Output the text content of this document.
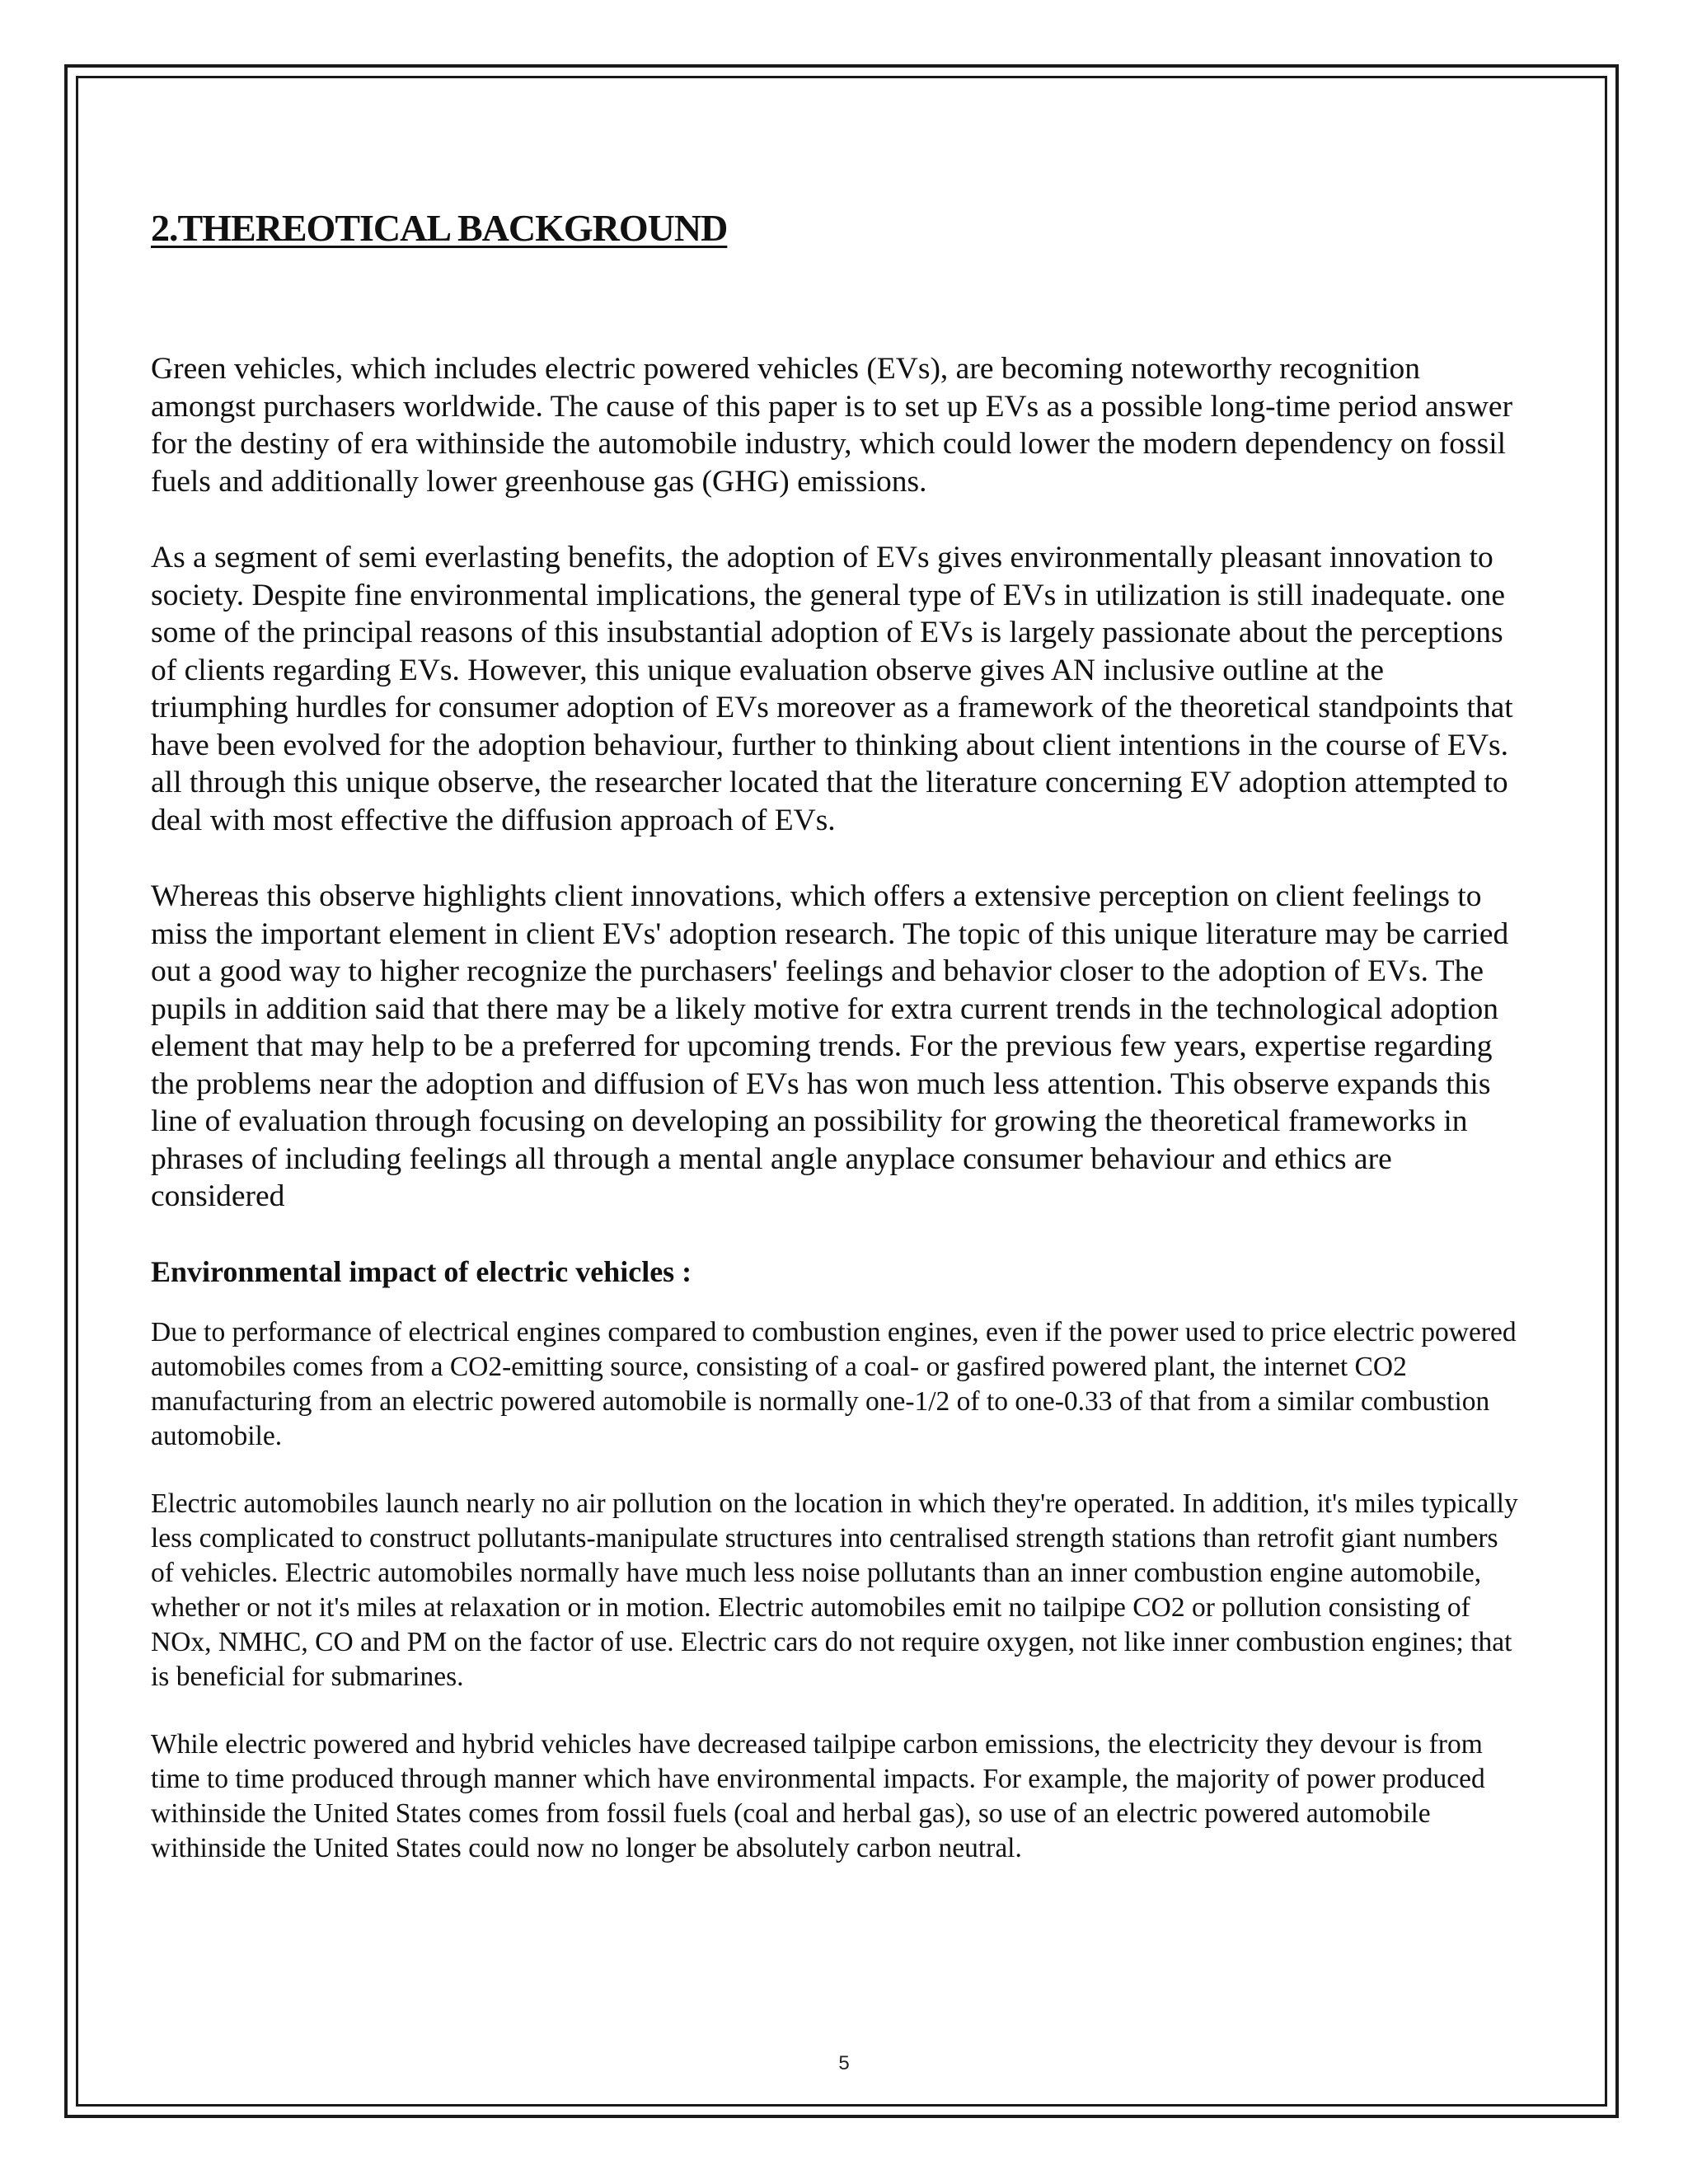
2.THEREOTICAL BACKGROUND

Green vehicles, which includes electric powered vehicles (EVs), are becoming noteworthy recognition amongst purchasers worldwide. The cause of this paper is to set up EVs as a possible long-time period answer for the destiny of era withinside the automobile industry, which could lower the modern dependency on fossil fuels and additionally lower greenhouse gas (GHG) emissions.

As a segment of semi everlasting benefits, the adoption of EVs gives environmentally pleasant innovation to society. Despite fine environmental implications, the general type of EVs in utilization is still inadequate. one some of the principal reasons of this insubstantial adoption of EVs is largely passionate about the perceptions of clients regarding EVs. However, this unique evaluation observe gives AN inclusive outline at the triumphing hurdles for consumer adoption of EVs moreover as a framework of the theoretical standpoints that have been evolved for the adoption behaviour, further to thinking about client intentions in the course of EVs. all through this unique observe, the researcher located that the literature concerning EV adoption attempted to deal with most effective the diffusion approach of EVs.

Whereas this observe highlights client innovations, which offers a extensive perception on client feelings to miss the important element in client EVs' adoption research. The topic of this unique literature may be carried out a good way to higher recognize the purchasers' feelings and behavior closer to the adoption of EVs. The pupils in addition said that there may be a likely motive for extra current trends in the technological adoption element that may help to be a preferred for upcoming trends. For the previous few years, expertise regarding the problems near the adoption and diffusion of EVs has won much less attention. This observe expands this line of evaluation through focusing on developing an possibility for growing the theoretical frameworks in phrases of including feelings all through a mental angle anyplace consumer behaviour and ethics are considered

Environmental impact of electric vehicles :

Due to performance of electrical engines compared to combustion engines, even if the power used to price electric powered automobiles comes from a CO2-emitting source, consisting of a coal- or gasfired powered plant, the internet CO2 manufacturing from an electric powered automobile is normally one-1/2 of to one-0.33 of that from a similar combustion automobile.

Electric automobiles launch nearly no air pollution on the location in which they're operated. In addition, it's miles typically less complicated to construct pollutants-manipulate structures into centralised strength stations than retrofit giant numbers of vehicles. Electric automobiles normally have much less noise pollutants than an inner combustion engine automobile, whether or not it's miles at relaxation or in motion. Electric automobiles emit no tailpipe CO2 or pollution consisting of NOx, NMHC, CO and PM on the factor of use. Electric cars do not require oxygen, not like inner combustion engines; that is beneficial for submarines.

While electric powered and hybrid vehicles have decreased tailpipe carbon emissions, the electricity they devour is from time to time produced through manner which have environmental impacts. For example, the majority of power produced withinside the United States comes from fossil fuels (coal and herbal gas), so use of an electric powered automobile withinside the United States could now no longer be absolutely carbon neutral.

5
